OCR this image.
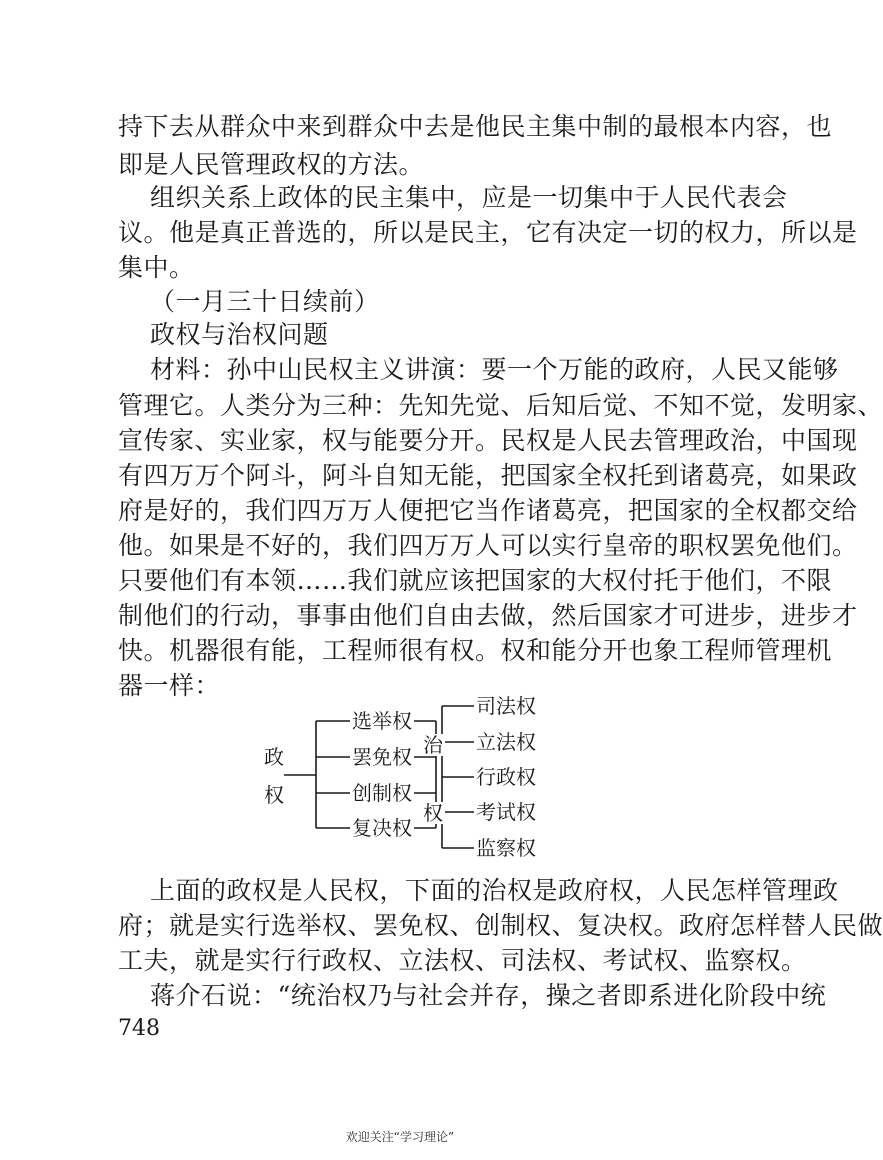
持下去从群众中来到群众中去是他民主集中制的最根本内容，也
即是人民管理政权的方法。
组织关系上政体的民主集中，应是一切集中于人民代表会
议。他是真正普选的，所以是民主，它有决定一切的权力，所以是
集中。
（一月三十日续前）
政权与治权问题
材料：孙中山民权主义讲演：要一个万能的政府，人民又能够
管理它。人类分为三种：先知先觉、后知后觉、不知不觉，发明家、
宣传家、实业家，权与能要分开。民权是人民去管理政治，中国现
有四万万个阿斗，阿斗自知无能，把国家全权托到诸葛亮，如果政
府是好的，我们四万万人便把它当作诸葛亮，把国家的全权都交给
他。如果是不好的，我们四万万人可以实行皇帝的职权罢免他们。
只要他们有本领……我们就应该把国家的大权付托于他们，不限
制他们的行动，事事由他们自由去做，然后国家才可进步，进步才
快。机器很有能，工程师很有权。权和能分开也象工程师管理机
器一样：
政
权
选举权
罢免权
创制权
复决权
治
权
司法权
立法权
行政权
考试权
监察权
上面的政权是人民权，下面的治权是政府权，人民怎样管理政
府；就是实行选举权、罢免权、创制权、复决权。政府怎样替人民做
工夫，就是实行行政权、立法权、司法权、考试权、监察权。
蒋介石说：“统治权乃与社会并存，操之者即系进化阶段中统
748
欢迎关注“学习理论”
